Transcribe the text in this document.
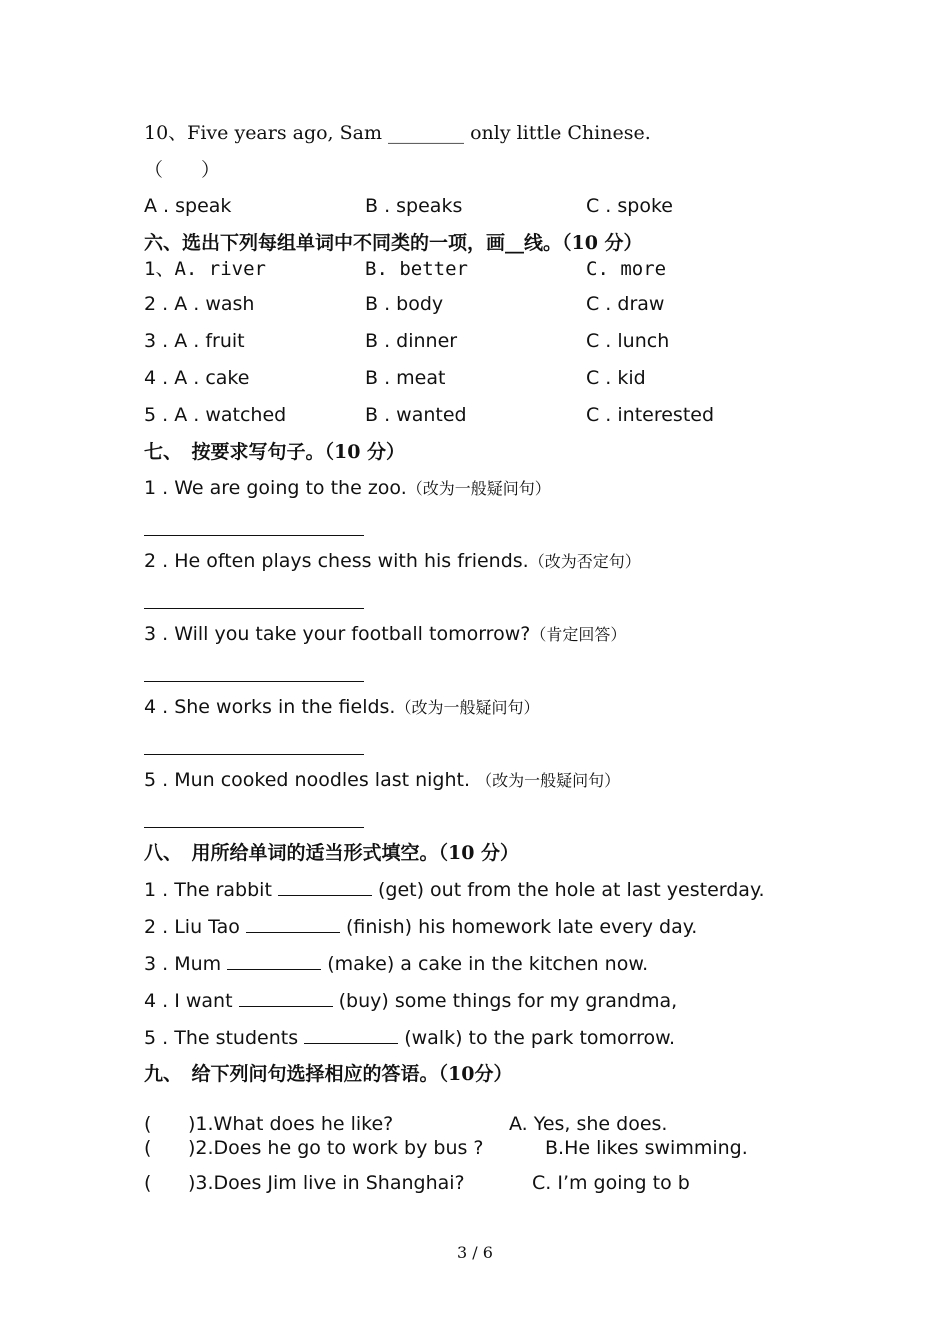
10、Five years ago, Sam ________ only little Chinese.
（　　）
A . speak	B . speaks	C . spoke
六、选出下列每组单词中不同类的一项，画__线。（10 分）
1、A. river	B. better	C. more
2 . A . wash	B . body	C . draw
3 . A . fruit	B . dinner	C . lunch
4 . A . cake	B . meat	C . kid
5 . A . watched	B . wanted	C . interested
七、　按要求写句子。（10 分）
1 . We are going to the zoo.（改为一般疑问句）
2 . He often plays chess with his friends.（改为否定句）
3 . Will you take your football tomorrow?（肯定回答）
4 . She works in the fields.（改为一般疑问句）
5 . Mun cooked noodles last night. （改为一般疑问句）
八、　用所给单词的适当形式填空。（10 分）
1 . The rabbit	(get) out from the hole at last yesterday.
2 . Liu Tao	(finish) his homework late every day.
3 . Mum	(make) a cake in the kitchen now.
4 . I want	(buy) some things for my grandma,
5 . The students	(walk) to the park tomorrow.
九、　给下列问句选择相应的答语。（10分）
( )1.What does he like?	A. Yes, she does.
( )2.Does he go to work by bus ?	B.He likes swimming.
( )3.Does Jim live in Shanghai?	C. I’m going to b
3 / 6
